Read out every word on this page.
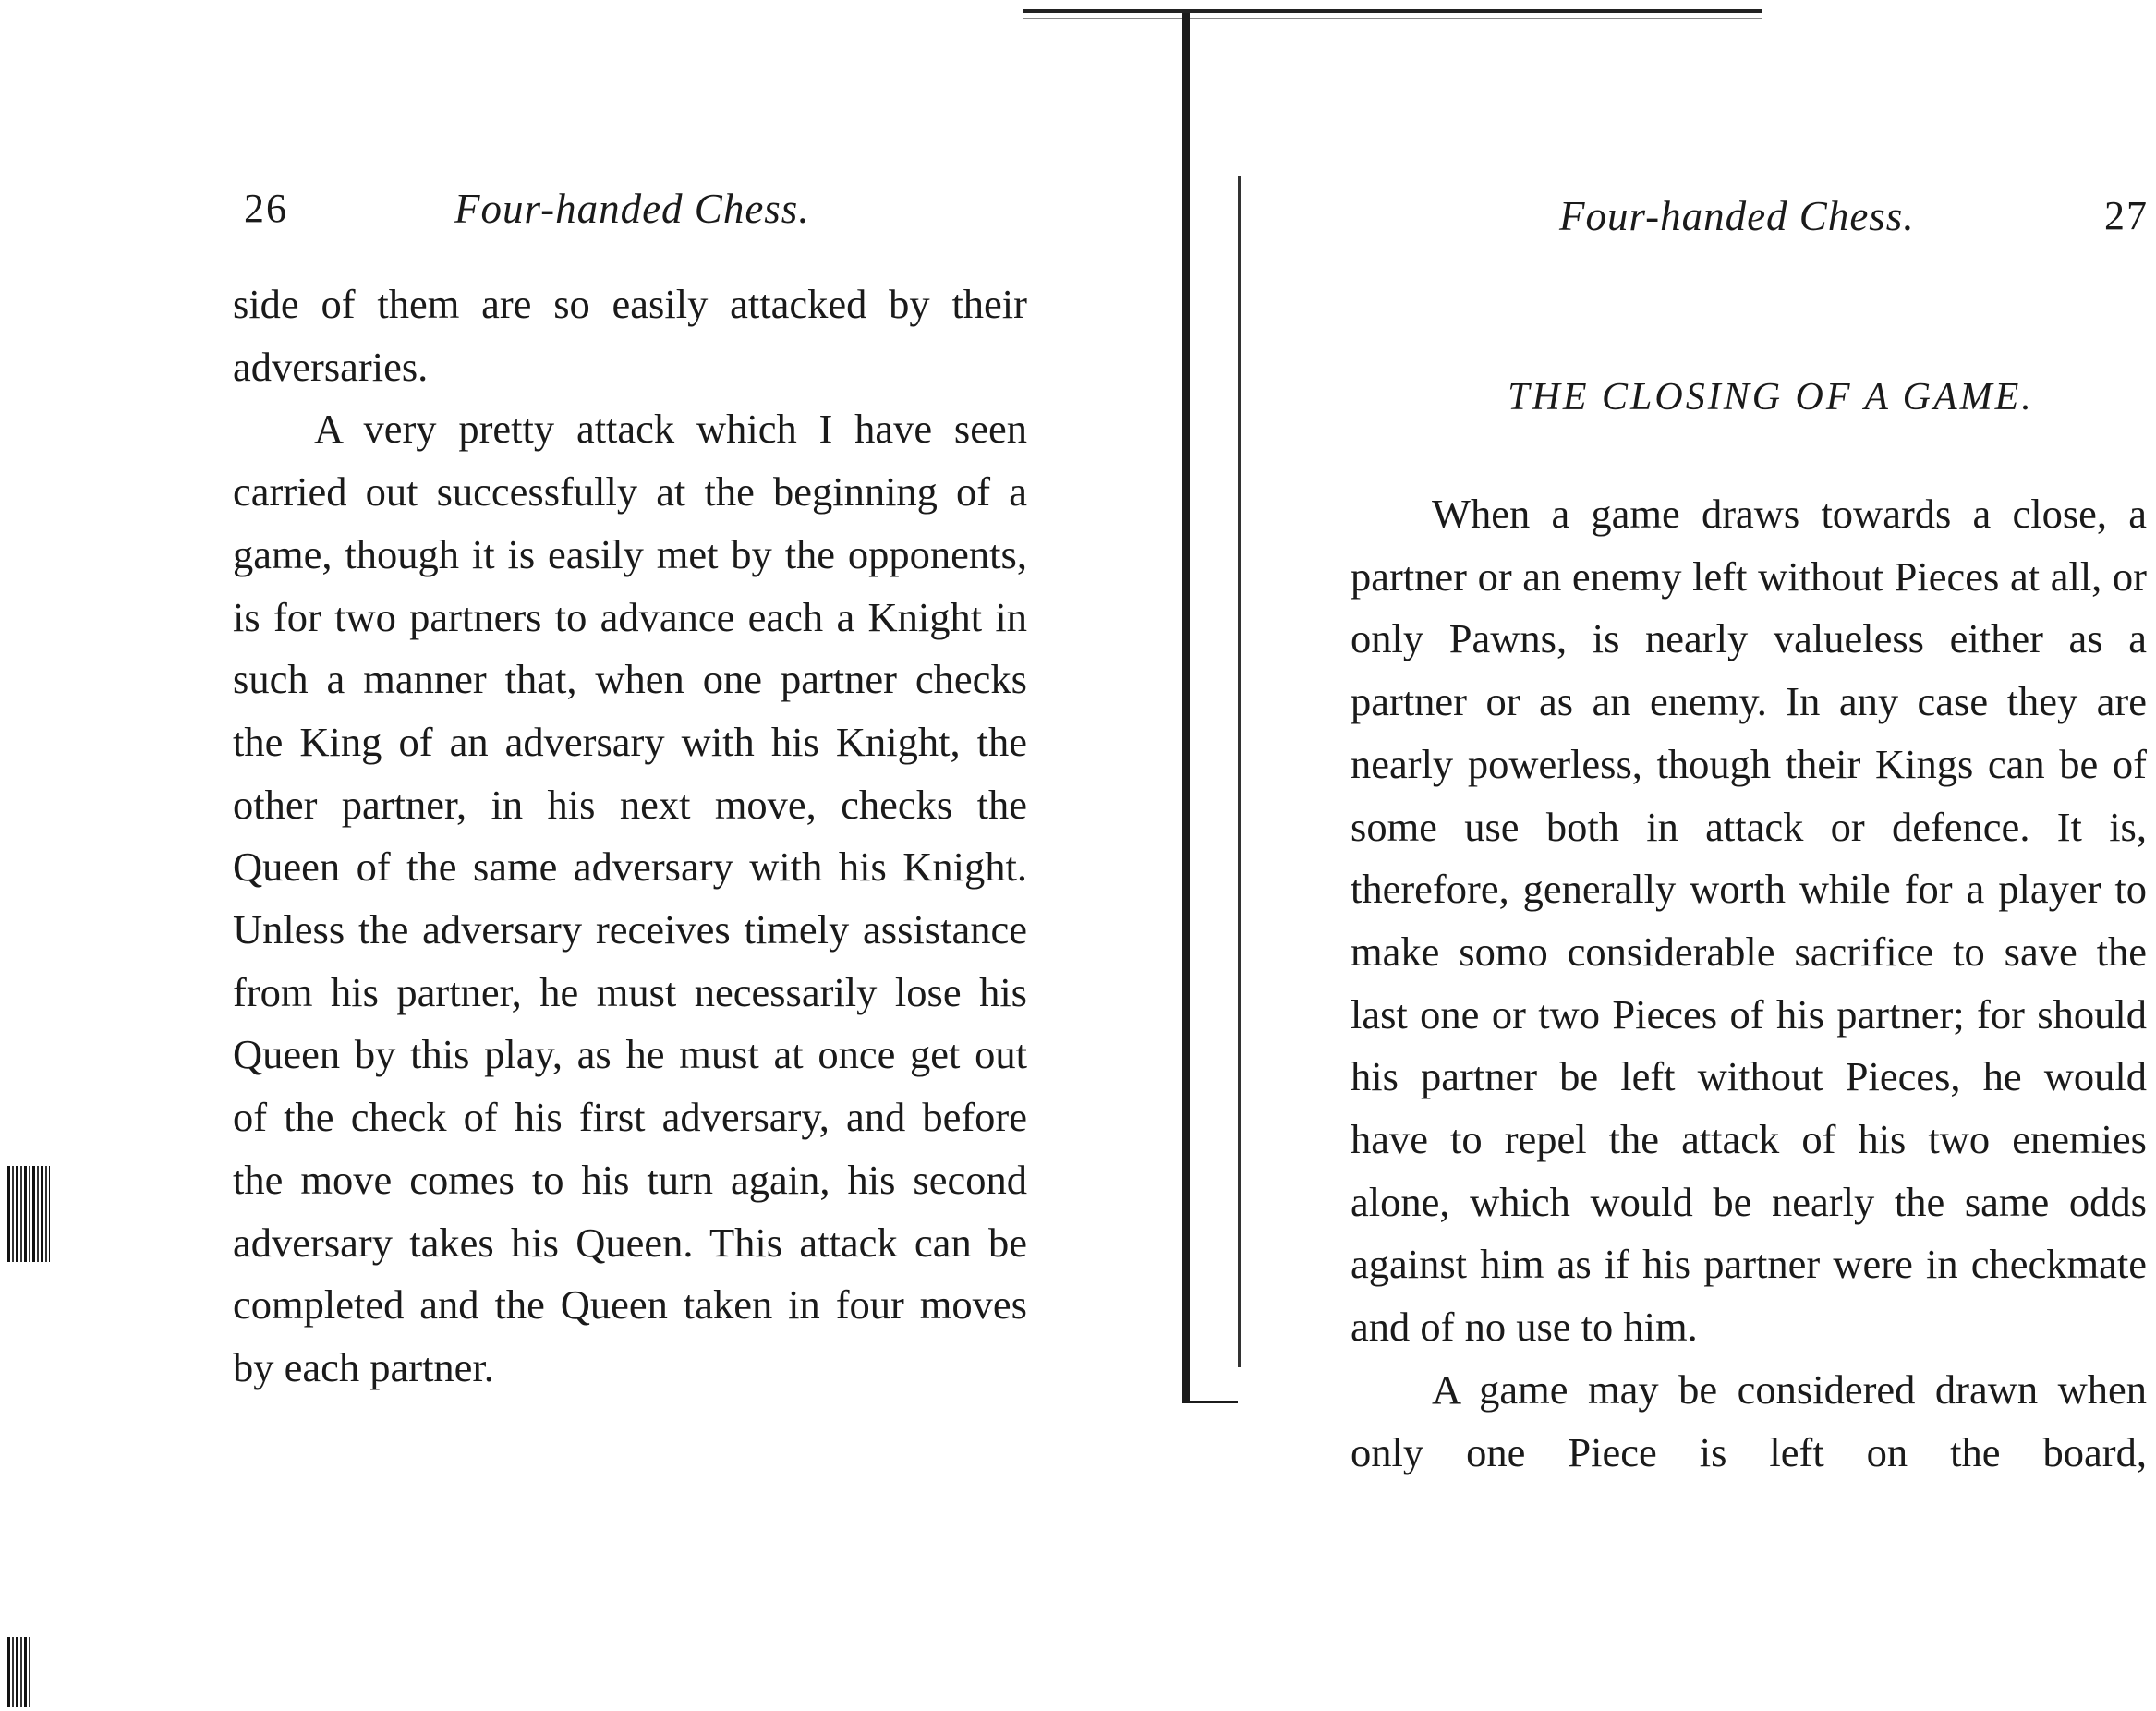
26	Four-handed Chess.

side of them are so easily attacked by their adversaries.

A very pretty attack which I have seen carried out successfully at the beginning of a game, though it is easily met by the opponents, is for two partners to advance each a Knight in such a manner that, when one partner checks the King of an adversary with his Knight, the other partner, in his next move, checks the Queen of the same adversary with his Knight. Unless the adversary receives timely assistance from his partner, he must necessarily lose his Queen by this play, as he must at once get out of the check of his first adversary, and before the move comes to his turn again, his second adversary takes his Queen. This attack can be completed and the Queen taken in four moves by each partner.

Four-handed Chess.	27
THE CLOSING OF A GAME.

When a game draws towards a close, a partner or an enemy left without Pieces at all, or only Pawns, is nearly valueless either as a partner or as an enemy. In any case they are nearly powerless, though their Kings can be of some use both in attack or defence. It is, therefore, generally worth while for a player to make somo considerable sacrifice to save the last one or two Pieces of his partner; for should his partner be left without Pieces, he would have to repel the attack of his two enemies alone, which would be nearly the same odds against him as if his partner were in checkmate and of no use to him.

A game may be considered drawn when only one Piece is left on the board,
